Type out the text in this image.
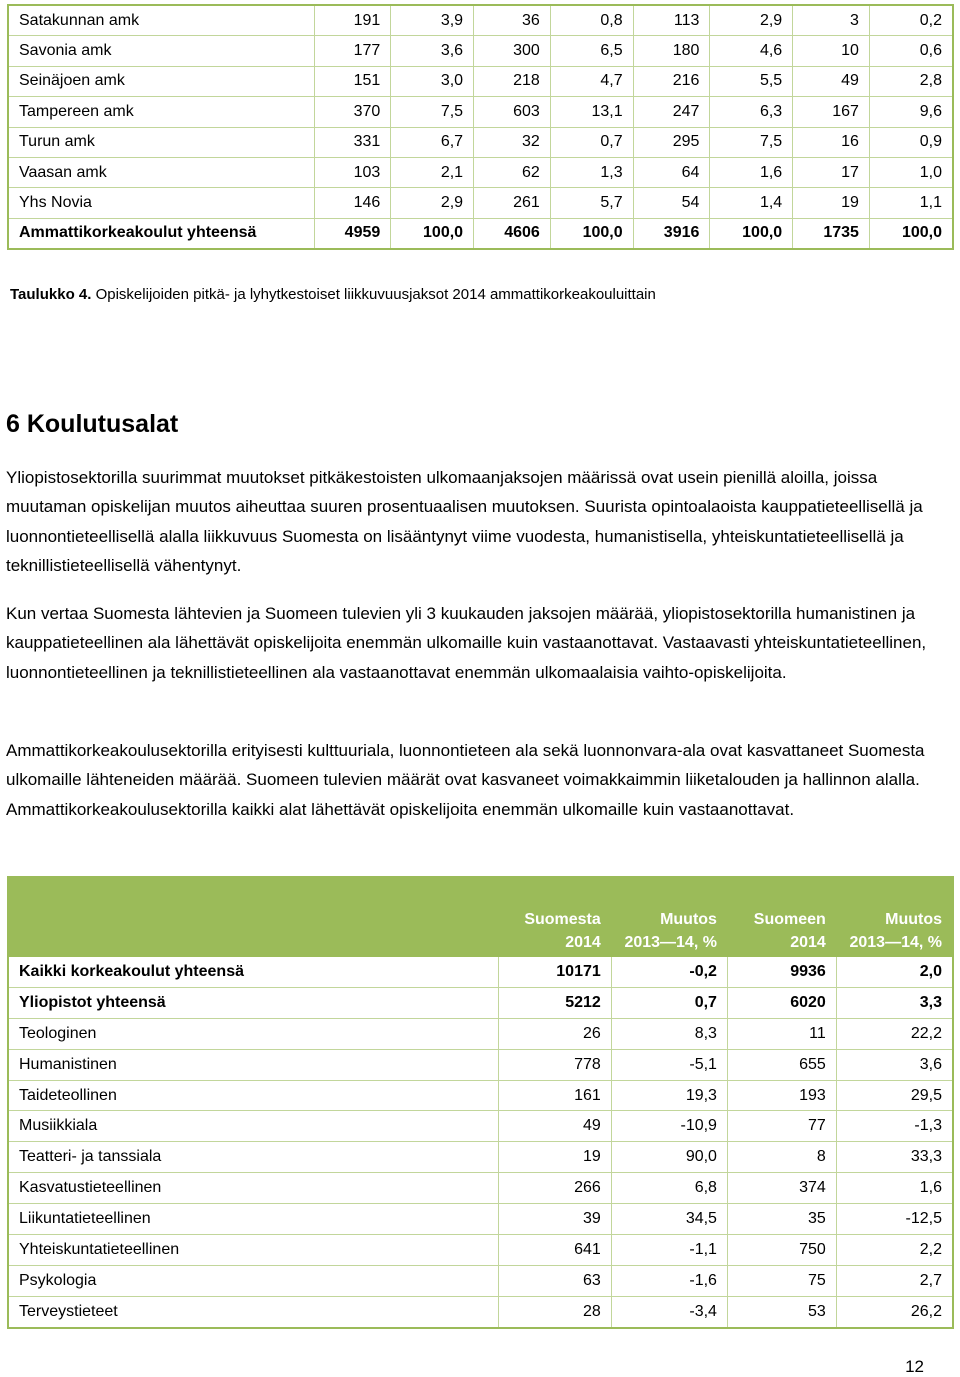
Satakunnan amk	191	3,9	36	0,8	113	2,9	3	0,2
Savonia amk	177	3,6	300	6,5	180	4,6	10	0,6
Seinäjoen amk	151	3,0	218	4,7	216	5,5	49	2,8
Tampereen amk	370	7,5	603	13,1	247	6,3	167	9,6
Turun amk	331	6,7	32	0,7	295	7,5	16	0,9
Vaasan amk	103	2,1	62	1,3	64	1,6	17	1,0
Yhs Novia	146	2,9	261	5,7	54	1,4	19	1,1
Ammattikorkeakoulut yhteensä	4959	100,0	4606	100,0	3916	100,0	1735	100,0
Taulukko 4. Opiskelijoiden pitkä- ja lyhytkestoiset liikkuvuusjaksot 2014 ammattikorkeakouluittain
6 Koulutusalat

Yliopistosektorilla suurimmat muutokset pitkäkestoisten ulkomaanjaksojen määrissä ovat usein pienillä aloilla, joissa muutaman opiskelijan muutos aiheuttaa suuren prosentuaalisen muutoksen. Suurista opintoalaoista kauppatieteellisellä ja luonnontieteellisellä alalla liikkuvuus Suomesta on lisääntynyt viime vuodesta, humanistisella, yhteiskuntatieteellisellä ja teknillistieteellisellä vähentynyt.

Kun vertaa Suomesta lähtevien ja Suomeen tulevien yli 3 kuukauden jaksojen määrää, yliopistosektorilla humanistinen ja kauppatieteellinen ala lähettävät opiskelijoita enemmän ulkomaille kuin vastaanottavat. Vastaavasti yhteiskuntatieteellinen, luonnontieteellinen ja teknillistieteellinen ala vastaanottavat enemmän ulkomaalaisia vaihto-opiskelijoita.

Ammattikorkeakoulusektorilla erityisesti kulttuuriala, luonnontieteen ala sekä luonnonvara-ala ovat kasvattaneet Suomesta ulkomaille lähteneiden määrää. Suomeen tulevien määrät ovat kasvaneet voimakkaimmin liiketalouden ja hallinnon alalla. Ammattikorkeakoulusektorilla kaikki alat lähettävät opiskelijoita enemmän ulkomaille kuin vastaanottavat.

	Suomesta 2014	Muutos 2013—14, %	Suomeen 2014	Muutos 2013—14, %
Kaikki korkeakoulut yhteensä	10171	-0,2	9936	2,0
Yliopistot yhteensä	5212	0,7	6020	3,3
Teologinen	26	8,3	11	22,2
Humanistinen	778	-5,1	655	3,6
Taideteollinen	161	19,3	193	29,5
Musiikkiala	49	-10,9	77	-1,3
Teatteri- ja tanssiala	19	90,0	8	33,3
Kasvatustieteellinen	266	6,8	374	1,6
Liikuntatieteellinen	39	34,5	35	-12,5
Yhteiskuntatieteellinen	641	-1,1	750	2,2
Psykologia	63	-1,6	75	2,7
Terveystieteet	28	-3,4	53	26,2
12
